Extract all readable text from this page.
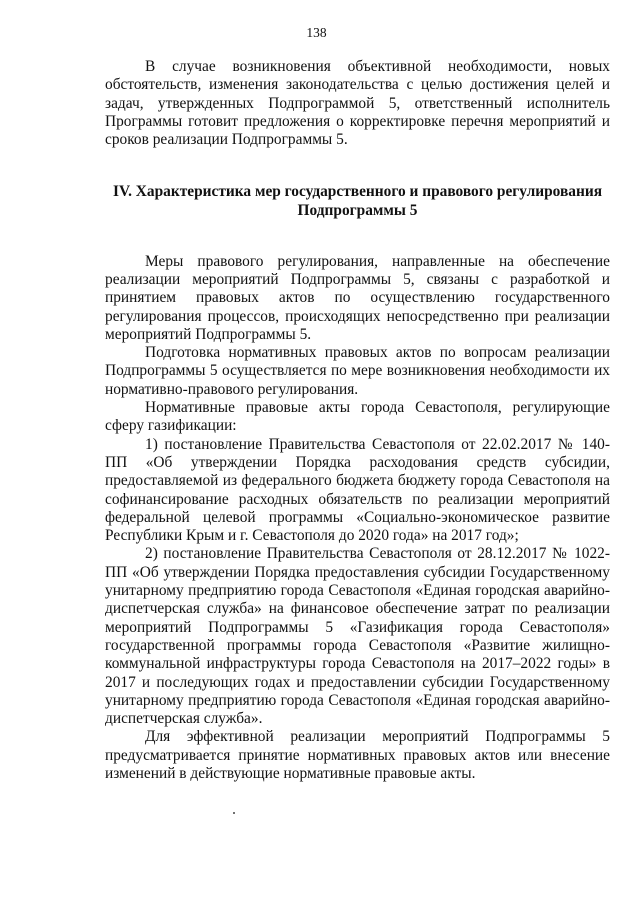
138

В случае возникновения объективной необходимости, новых обстоятельств, изменения законодательства с целью достижения целей и задач, утвержденных Подпрограммой 5, ответственный исполнитель Программы готовит предложения о корректировке перечня мероприятий и сроков реализации Подпрограммы 5.

IV. Характеристика мер государственного и правового регулирования
Подпрограммы 5

Меры правового регулирования, направленные на обеспечение реализации мероприятий Подпрограммы 5, связаны с разработкой и принятием правовых актов по осуществлению государственного регулирования процессов, происходящих непосредственно при реализации мероприятий Подпрограммы 5.

Подготовка нормативных правовых актов по вопросам реализации Подпрограммы 5 осуществляется по мере возникновения необходимости их нормативно-правового регулирования.

Нормативные правовые акты города Севастополя, регулирующие сферу газификации:

1) постановление Правительства Севастополя от 22.02.2017 № 140-ПП «Об утверждении Порядка расходования средств субсидии, предоставляемой из федерального бюджета бюджету города Севастополя на софинансирование расходных обязательств по реализации мероприятий федеральной целевой программы «Социально-экономическое развитие Республики Крым и г. Севастополя до 2020 года» на 2017 год»;

2) постановление Правительства Севастополя от 28.12.2017 № 1022-ПП «Об утверждении Порядка предоставления субсидии Государственному унитарному предприятию города Севастополя «Единая городская аварийно-диспетчерская служба» на финансовое обеспечение затрат по реализации мероприятий Подпрограммы 5 «Газификация города Севастополя» государственной программы города Севастополя «Развитие жилищно-коммунальной инфраструктуры города Севастополя на 2017–2022 годы» в 2017 и последующих годах и предоставлении субсидии Государственному унитарному предприятию города Севастополя «Единая городская аварийно-диспетчерская служба».

Для эффективной реализации мероприятий Подпрограммы 5 предусматривается принятие нормативных правовых актов или внесение изменений в действующие нормативные правовые акты.
